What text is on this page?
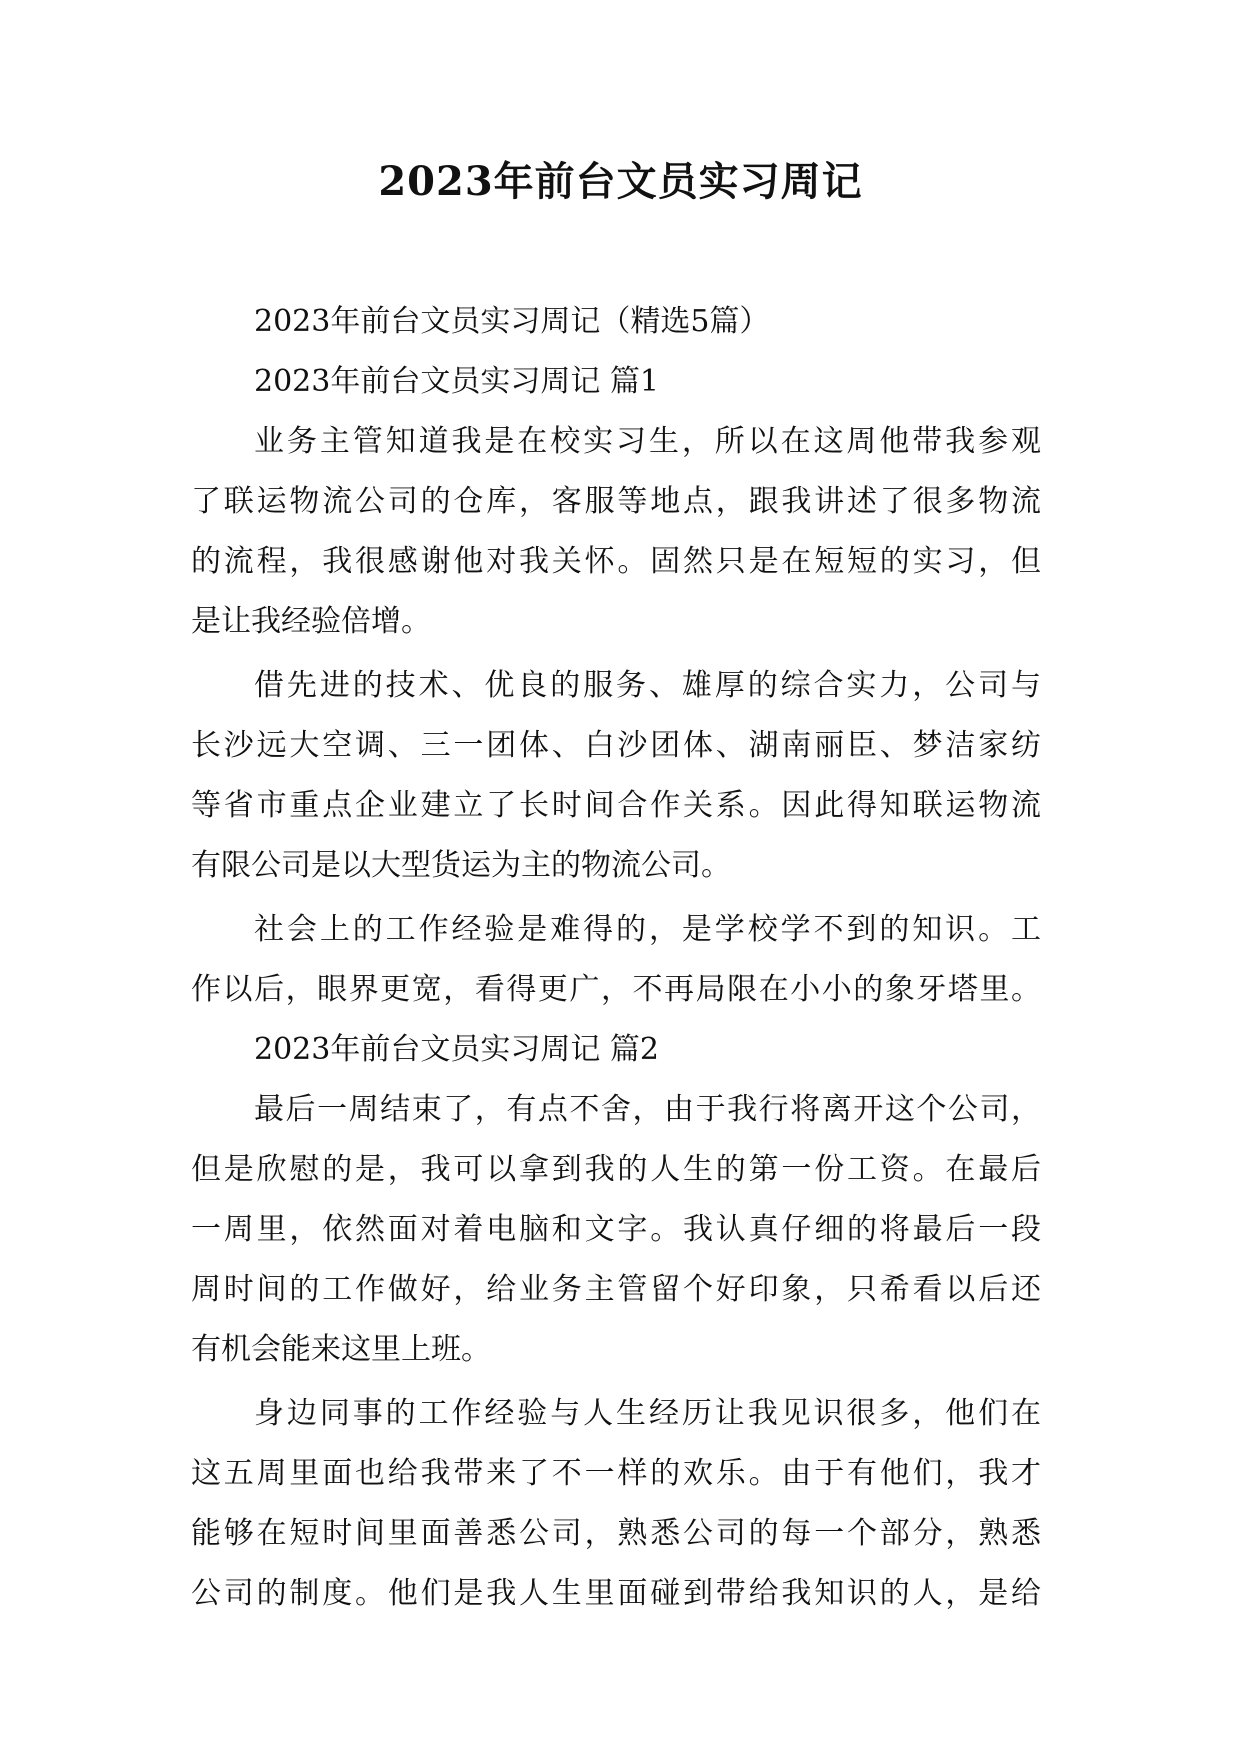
2023年前台文员实习周记
2023年前台文员实习周记（精选5篇）
2023年前台文员实习周记 篇1
业务主管知道我是在校实习生，所以在这周他带我参观
了联运物流公司的仓库，客服等地点，跟我讲述了很多物流
的流程，我很感谢他对我关怀。固然只是在短短的实习，但
是让我经验倍增。
借先进的技术、优良的服务、雄厚的综合实力，公司与
长沙远大空调、三一团体、白沙团体、湖南丽臣、梦洁家纺
等省市重点企业建立了长时间合作关系。因此得知联运物流
有限公司是以大型货运为主的物流公司。
社会上的工作经验是难得的，是学校学不到的知识。工
作以后，眼界更宽，看得更广，不再局限在小小的象牙塔里。
2023年前台文员实习周记 篇2
最后一周结束了，有点不舍，由于我行将离开这个公司，
但是欣慰的是，我可以拿到我的人生的第一份工资。在最后
一周里，依然面对着电脑和文字。我认真仔细的将最后一段
周时间的工作做好，给业务主管留个好印象，只希看以后还
有机会能来这里上班。
身边同事的工作经验与人生经历让我见识很多，他们在
这五周里面也给我带来了不一样的欢乐。由于有他们，我才
能够在短时间里面善悉公司，熟悉公司的每一个部分，熟悉
公司的制度。他们是我人生里面碰到带给我知识的人，是给
